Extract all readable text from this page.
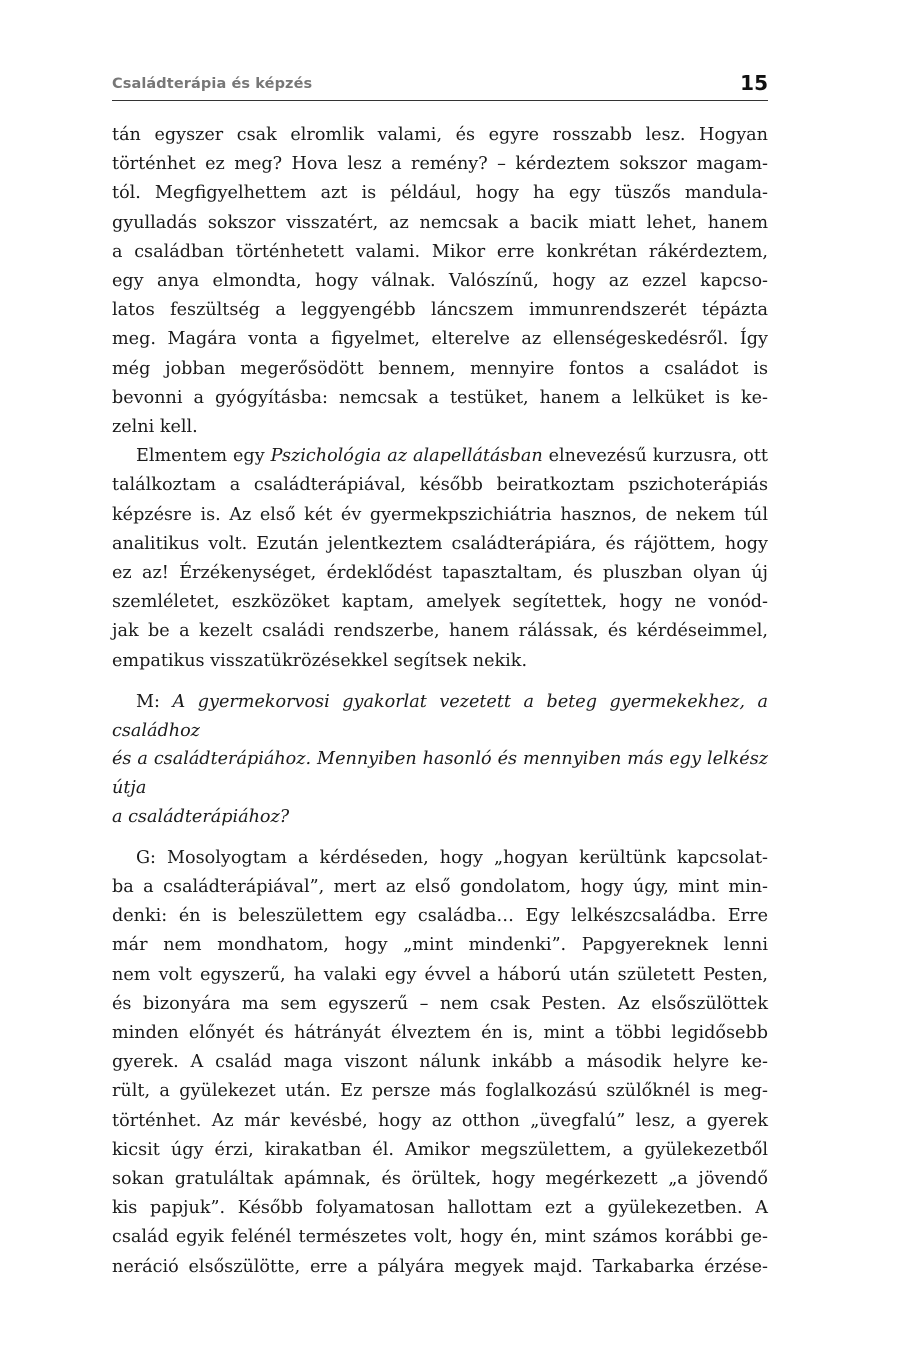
Családterápia és képzés	15

tán egyszer csak elromlik valami, és egyre rosszabb lesz. Hogyan
történhet ez meg? Hova lesz a remény? – kérdeztem sokszor magam-
tól. Megfigyelhettem azt is például, hogy ha egy tüszős mandula-
gyulladás sokszor visszatért, az nemcsak a bacik miatt lehet, hanem
a családban történhetett valami. Mikor erre konkrétan rákérdeztem,
egy anya elmondta, hogy válnak. Valószínű, hogy az ezzel kapcso-
latos feszültség a leggyengébb láncszem immunrendszerét tépázta
meg. Magára vonta a figyelmet, elterelve az ellenségeskedésről. Így
még jobban megerősödött bennem, mennyire fontos a családot is
bevonni a gyógyításba: nemcsak a testüket, hanem a lelküket is ke-
zelni kell.

Elmentem egy Pszichológia az alapellátásban elnevezésű kurzusra, ott
találkoztam a családterápiával, később beiratkoztam pszichoterápiás
képzésre is. Az első két év gyermekpszichiátria hasznos, de nekem túl
analitikus volt. Ezután jelentkeztem családterápiára, és rájöttem, hogy
ez az! Érzékenységet, érdeklődést tapasztaltam, és pluszban olyan új
szemléletet, eszközöket kaptam, amelyek segítettek, hogy ne vonód-
jak be a kezelt családi rendszerbe, hanem rálássak, és kérdéseimmel,
empatikus visszatükrözésekkel segítsek nekik.

M: A gyermekorvosi gyakorlat vezetett a beteg gyermekekhez, a családhoz
és a családterápiához. Mennyiben hasonló és mennyiben más egy lelkész útja
a családterápiához?

G: Mosolyogtam a kérdéseden, hogy „hogyan kerültünk kapcsolat-
ba a családterápiával”, mert az első gondolatom, hogy úgy, mint min-
denki: én is beleszülettem egy családba… Egy lelkészcsaládba. Erre
már nem mondhatom, hogy „mint mindenki”. Papgyereknek lenni
nem volt egyszerű, ha valaki egy évvel a háború után született Pesten,
és bizonyára ma sem egyszerű – nem csak Pesten. Az elsőszülöttek
minden előnyét és hátrányát élveztem én is, mint a többi legidősebb
gyerek. A család maga viszont nálunk inkább a második helyre ke-
rült, a gyülekezet után. Ez persze más foglalkozású szülőknél is meg-
történhet. Az már kevésbé, hogy az otthon „üvegfalú” lesz, a gyerek
kicsit úgy érzi, kirakatban él. Amikor megszülettem, a gyülekezetből
sokan gratuláltak apámnak, és örültek, hogy megérkezett „a jövendő
kis papjuk”. Később folyamatosan hallottam ezt a gyülekezetben. A
család egyik felénél természetes volt, hogy én, mint számos korábbi ge-
neráció elsőszülötte, erre a pályára megyek majd. Tarkabarka érzése-
